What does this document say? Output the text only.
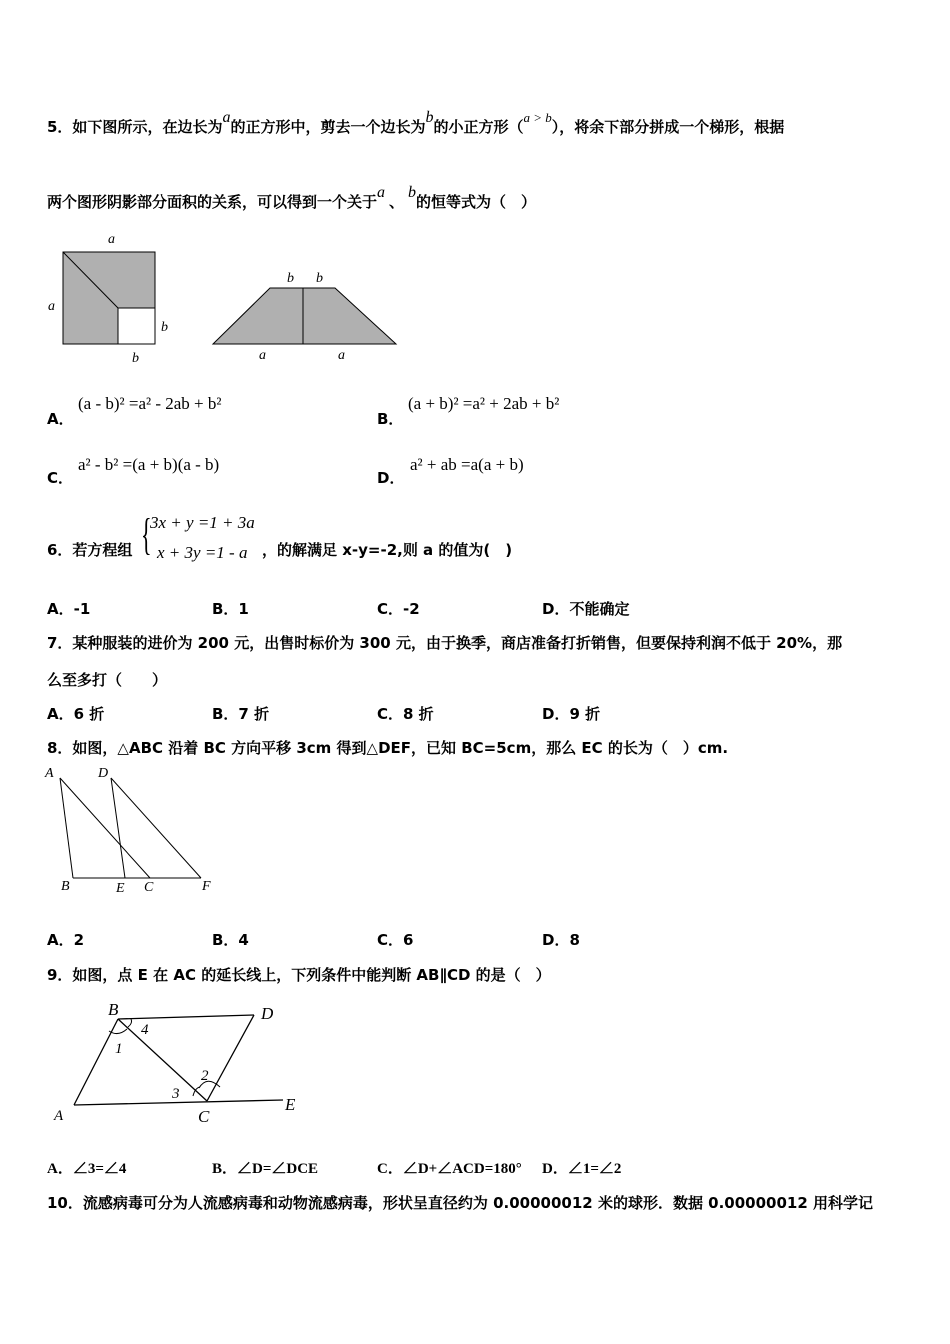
5．如下图所示，在边长为a的正方形中，剪去一个边长为b的小正方形（a > b），将余下部分拼成一个梯形，根据
两个图形阴影部分面积的关系，可以得到一个关于a、b的恒等式为（　）
a
a
b
b
b b
a	a
A．
(a - b)² =a² - 2ab + b²
B．
(a + b)² =a² + 2ab + b²
C．
a² - b² =(a + b)(a - b)
D．
a² + ab =a(a + b)
6．若方程组 {
3x + y =1 + 3a
x + 3y =1 - a ，的解满足 x-y=-2,则 a 的值为(　)
A．-1	B．1	C．-2	D．不能确定
7．某种服装的进价为 200 元，出售时标价为 300 元，由于换季，商店准备打折销售，但要保持利润不低于 20%，那
么至多打（　　）
A．6 折	B．7 折	C．8 折	D．9 折
8．如图，△ABC 沿着 BC 方向平移 3cm 得到△DEF，已知 BC=5cm，那么 EC 的长为（　）cm.
A	D
B	E C	F
A．2	B．4	C．6	D．8
9．如图，点 E 在 AC 的延长线上，下列条件中能判断 AB∥CD 的是（　）
B	D
A	C
E
1
2
3
4
A．∠3=∠4	B．∠D=∠DCE	C．∠D+∠ACD=180° D．∠1=∠2
10．流感病毒可分为人流感病毒和动物流感病毒，形状呈直径约为 0.00000012 米的球形．数据 0.00000012 用科学记
